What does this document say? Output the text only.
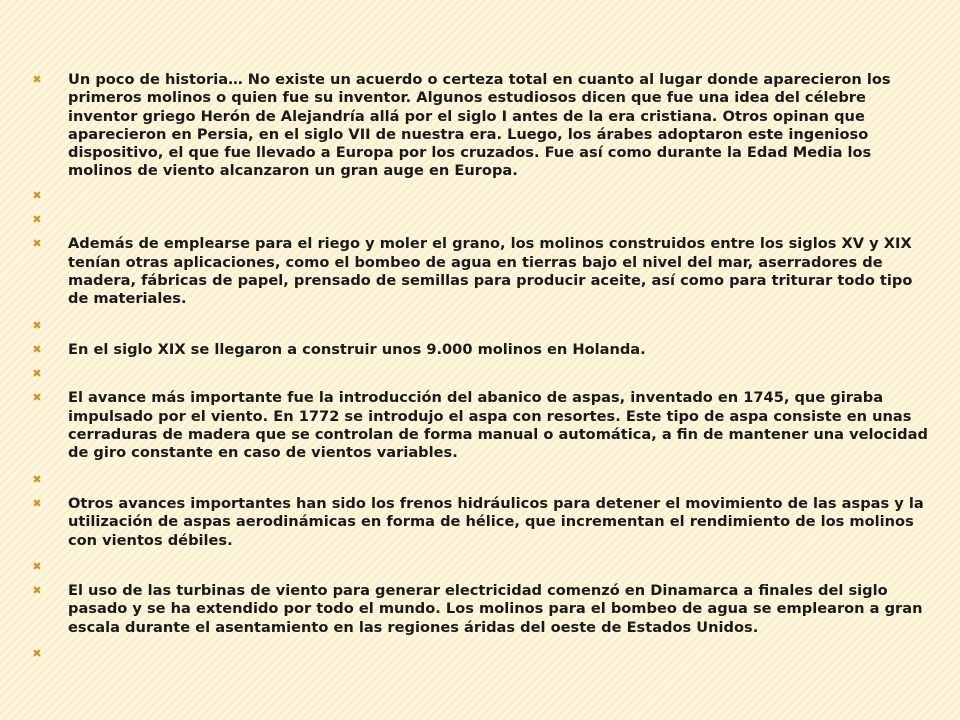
✖ Un poco de historia… No existe un acuerdo o certeza total en cuanto al lugar donde aparecieron los primeros molinos o quien fue su inventor. Algunos estudiosos dicen que fue una idea del célebre inventor griego Herón de Alejandría allá por el siglo I antes de la era cristiana. Otros opinan que aparecieron en Persia, en el siglo VII de nuestra era. Luego, los árabes adoptaron este ingenioso dispositivo, el que fue llevado a Europa por los cruzados. Fue así como durante la Edad Media los molinos de viento alcanzaron un gran auge en Europa.
✖
✖
✖ Además de emplearse para el riego y moler el grano, los molinos construidos entre los siglos XV y XIX tenían otras aplicaciones, como el bombeo de agua en tierras bajo el nivel del mar, aserradores de madera, fábricas de papel, prensado de semillas para producir aceite, así como para triturar todo tipo de materiales.
✖
✖ En el siglo XIX se llegaron a construir unos 9.000 molinos en Holanda.
✖
✖ El avance más importante fue la introducción del abanico de aspas, inventado en 1745, que giraba impulsado por el viento. En 1772 se introdujo el aspa con resortes. Este tipo de aspa consiste en unas cerraduras de madera que se controlan de forma manual o automática, a fin de mantener una velocidad de giro constante en caso de vientos variables.
✖
✖ Otros avances importantes han sido los frenos hidráulicos para detener el movimiento de las aspas y la utilización de aspas aerodinámicas en forma de hélice, que incrementan el rendimiento de los molinos con vientos débiles.
✖
✖ El uso de las turbinas de viento para generar electricidad comenzó en Dinamarca a finales del siglo pasado y se ha extendido por todo el mundo. Los molinos para el bombeo de agua se emplearon a gran escala durante el asentamiento en las regiones áridas del oeste de Estados Unidos.
✖
